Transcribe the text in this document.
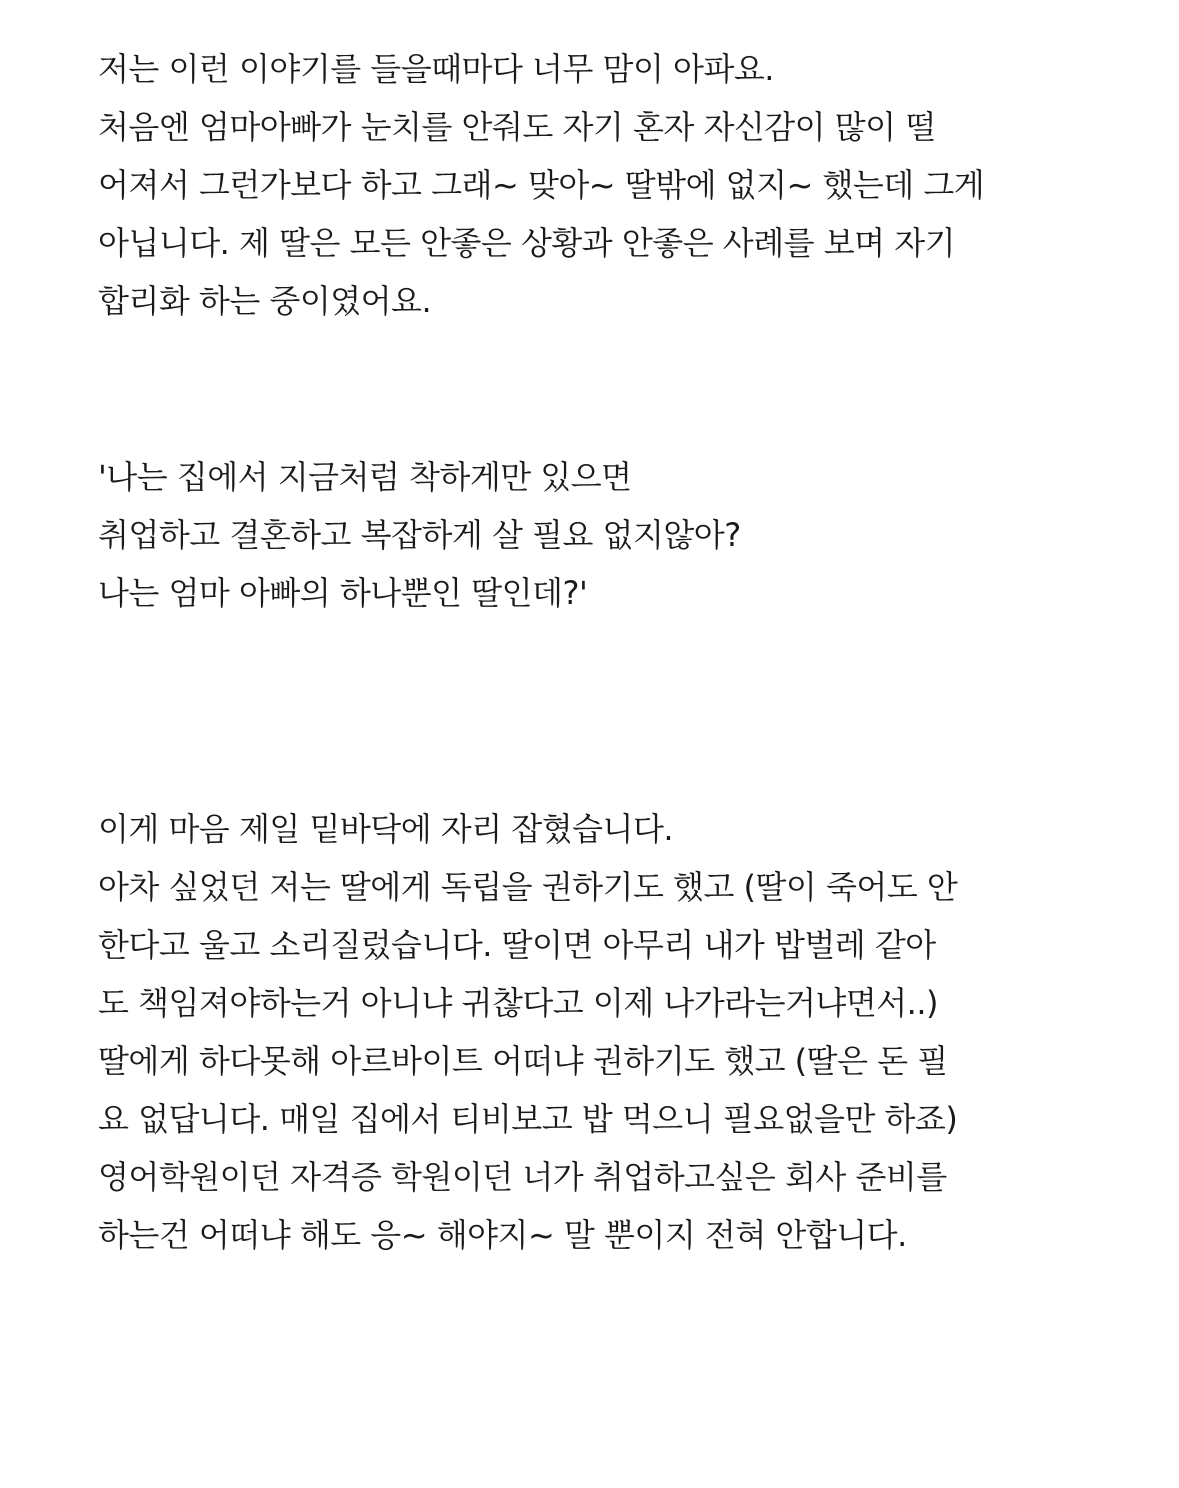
저는 이런 이야기를 들을때마다 너무 맘이 아파요.
처음엔 엄마아빠가 눈치를 안줘도 자기 혼자 자신감이 많이 떨
어져서 그런가보다 하고 그래~ 맞아~ 딸밖에 없지~ 했는데 그게
아닙니다. 제 딸은 모든 안좋은 상황과 안좋은 사례를 보며 자기
합리화 하는 중이였어요.
'나는 집에서 지금처럼 착하게만 있으면
취업하고 결혼하고 복잡하게 살 필요 없지않아?
나는 엄마 아빠의 하나뿐인 딸인데?'
이게 마음 제일 밑바닥에 자리 잡혔습니다.
아차 싶었던 저는 딸에게 독립을 권하기도 했고 (딸이 죽어도 안
한다고 울고 소리질렀습니다. 딸이면 아무리 내가 밥벌레 같아
도 책임져야하는거 아니냐 귀찮다고 이제 나가라는거냐면서..)
딸에게 하다못해 아르바이트 어떠냐 권하기도 했고 (딸은 돈 필
요 없답니다. 매일 집에서 티비보고 밥 먹으니 필요없을만 하죠)
영어학원이던 자격증 학원이던 너가 취업하고싶은 회사 준비를
하는건 어떠냐 해도 응~ 해야지~ 말 뿐이지 전혀 안합니다.
